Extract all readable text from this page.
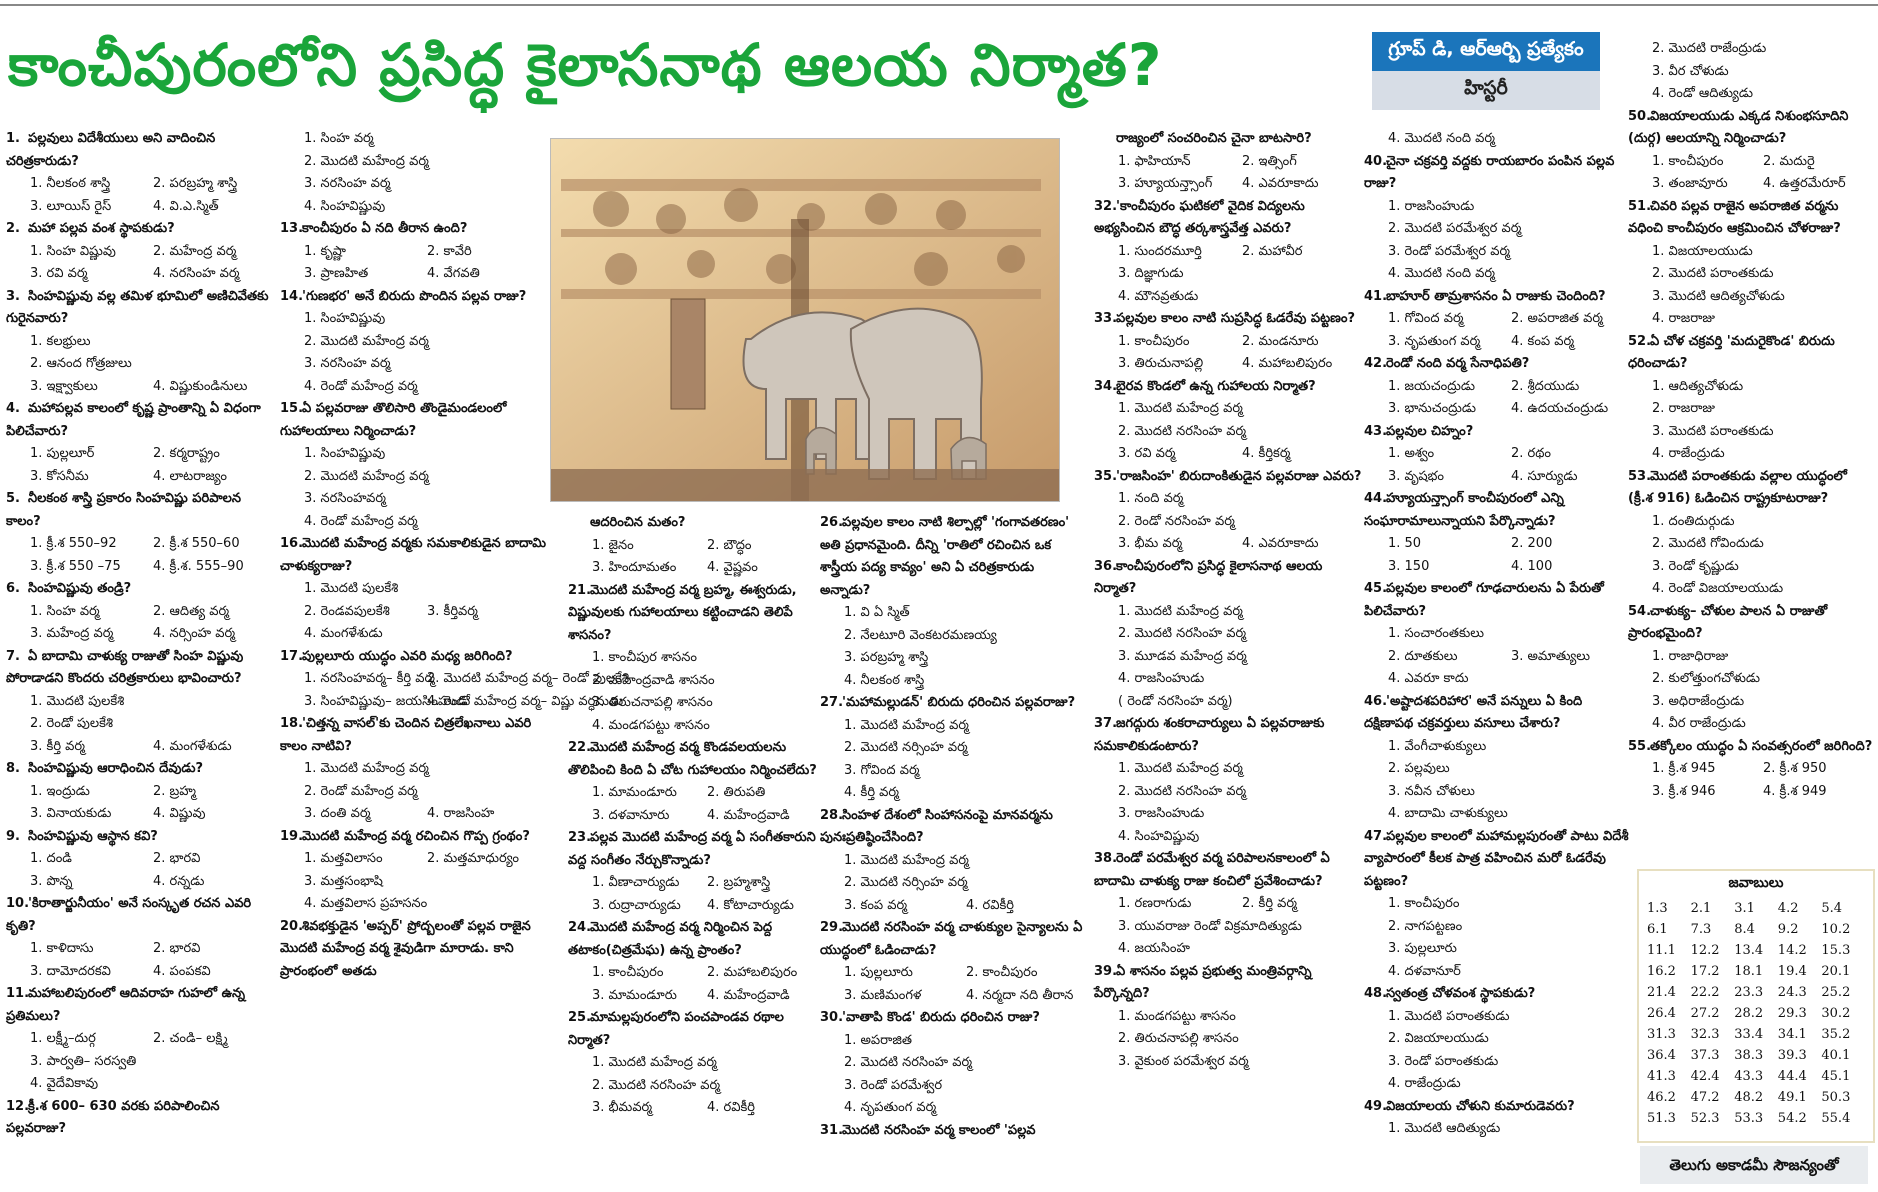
కాంచీపురంలోని ప్రసిద్ధ కైలాసనాథ ఆలయ నిర్మాత?	గ్రూప్ డి, ఆర్ఆర్బి ప్రత్యేకం
హిస్టరీ
1. పల్లవులు విదేశీయులు అని వాదించిన చరిత్రకారుడు?
1. నీలకంఠ శాస్త్రి	2. పరబ్రహ్మ శాస్త్రి
3. లూయిస్ రైస్	4. వి.ఎ.స్మిత్
2. మహా పల్లవ వంశ స్థాపకుడు?
1. సింహ విష్ణువు	2. మహేంద్ర వర్మ
3. రవి వర్మ	4. నరసింహ వర్మ
3. సింహవిష్ణువు వల్ల తమిళ భూమిలో అణిచివేతకు గురైనవారు?
1. కలభ్రులు
2. ఆనంద గోత్రజులు
3. ఇక్ష్వాకులు	4. విష్ణుకుండినులు
4. మహాపల్లవ కాలంలో కృష్ణ ప్రాంతాన్ని ఏ విధంగా పిలిచేవారు?
1. పుల్లలూర్	2. కర్మరాష్ట్రం
3. కోసనీమ	4. లాటరాజ్యం
5. నీలకంఠ శాస్త్రి ప్రకారం సింహవిష్ణు పరిపాలన కాలం?
1. క్రీ.శ 550–92	2. క్రీ.శ 550–60
3. క్రీ.శ 550 –75	4. క్రీ.శ. 555–90
6. సింహవిష్ణువు తండ్రి?
1. సింహ వర్మ	2. ఆదిత్య వర్మ
3. మహేంద్ర వర్మ	4. నర్సింహ వర్మ
7. ఏ బాదామి చాళుక్య రాజుతో సింహ విష్ణువు పోరాడాడని కొందరు చరిత్రకారులు భావించారు?
1. మొదటి పులకేశి
2. రెండో పులకేశి
3. కీర్తి వర్మ	4. మంగళేశుడు
8. సింహవిష్ణువు ఆరాధించిన దేవుడు?
1. ఇంద్రుడు	2. బ్రహ్మ
3. వినాయకుడు	4. విష్ణువు
9. సింహవిష్ణువు ఆస్థాన కవి?
1. దండి	2. భారవి
3. పొన్న	4. రన్నడు
10.'కిరాతార్జునీయం' అనే సంస్కృత రచన ఎవరి కృతి?
1. కాళిదాసు	2. భారవి
3. దామోదరకవి	4. పంపకవి
11.మహాబలిపురంలో ఆదివరాహ గుహలో ఉన్న ప్రతిమలు?
1. లక్ష్మీ–దుర్గ	2. చండి– లక్ష్మి
3. పార్వతి– సరస్వతి
4. వైదేవికావు
12.క్రీ.శ 600– 630 వరకు పరిపాలించిన పల్లవరాజు?
1. సింహ వర్మ
2. మొదటి మహేంద్ర వర్మ
3. నరసింహ వర్మ
4. సింహవిష్ణువు
13.కాంచీపురం ఏ నది తీరాన ఉంది?
1. కృష్ణా	2. కావేరి
3. ప్రాణహిత	4. వేగవతి
14.'గుణభర' అనే బిరుదు పొందిన పల్లవ రాజు?
1. సింహవిష్ణువు
2. మొదటి మహేంద్ర వర్మ
3. నరసింహ వర్మ
4. రెండో మహేంద్ర వర్మ
15.ఏ పల్లవరాజు తొలిసారి తొండైమండలంలో గుహాలయాలు నిర్మించాడు?
1. సింహవిష్ణువు
2. మొదటి మహేంద్ర వర్మ
3. నరసింహవర్మ
4. రెండో మహేంద్ర వర్మ
16.మొదటి మహేంద్ర వర్మకు సమకాలికుడైన బాదామి చాళుక్యరాజు?
1. మొదటి పులకేశి
2. రెండవపులకేశి	3. కీర్తివర్మ
4. మంగళేశుడు
17.పుల్లలూరు యుద్ధం ఎవరి మధ్య జరిగింది?
1. నరసింహవర్మ– కీర్తి వర్మ
2. మొదటి మహేంద్ర వర్మ– రెండో పులకేశి
3. సింహవిష్ణువు– జయసింహుడు
4. రెండో మహేంద్ర వర్మ– విష్ణు వర్ధనుడు
18.'చిత్తన్న వాసల్'కు చెందిన చిత్రలేఖనాలు ఎవరి కాలం నాటివి?
1. మొదటి మహేంద్ర వర్మ
2. రెండో మహేంద్ర వర్మ
3. దంతి వర్మ	4. రాజసింహ
19.మొదటి మహేంద్ర వర్మ రచించిన గొప్ప గ్రంథం?
1. మత్తవిలాసం	2. మత్తమాధుర్యం
3. మత్తసంభాషి
4. మత్తవిలాస ప్రహసనం
20.శివభక్తుడైన 'అప్పర్' ప్రోద్బలంతో పల్లవ రాజైన మొదటి మహేంద్ర వర్మ శైవుడిగా మారాడు. కాని ప్రారంభంలో అతడు
ఆదరించిన మతం?
1. జైనం	2. బౌద్ధం
3. హిందూమతం	4. వైష్ణవం
21.మొదటి మహేంద్ర వర్మ బ్రహ్మ, ఈశ్వరుడు, విష్ణువులకు గుహాలయాలు కట్టించాడని తెలిపే శాసనం?
1. కాంచీపుర శాసనం
2. మహేంద్రవాడి శాసనం
3. తిరుచనాపల్లి శాసనం
4. మండగపట్టు శాసనం
22.మొదటి మహేంద్ర వర్మ కొండవలయలను తొలిపించి కింది ఏ చోట గుహాలయం నిర్మించలేదు?
1. మామండూరు	2. తిరుపతి
3. దళవానూరు	4. మహేంద్రవాడి
23.పల్లవ మొదటి మహేంద్ర వర్మ ఏ సంగీతకారుని వద్ద సంగీతం నేర్చుకొన్నాడు?
1. వీణాచార్యుడు	2. బ్రహ్మశాస్త్రి
3. రుద్రాచార్యుడు	4. కోటాచార్యుడు
24.మొదటి మహేంద్ర వర్మ నిర్మించిన పెద్ద తటాకం(చిత్రమేఘ) ఉన్న ప్రాంతం?
1. కాంచీపురం	2. మహాబలిపురం
3. మామండూరు	4. మహేంద్రవాడి
25.మామల్లపురంలోని పంచపాండవ రథాల నిర్మాత?
1. మొదటి మహేంద్ర వర్మ
2. మొదటి నరసింహ వర్మ
3. భీమవర్మ	4. రవికీర్తి
26.పల్లవుల కాలం నాటి శిల్పాల్లో 'గంగావతరణం' అతి ప్రధానమైంది. దీన్ని 'రాతిలో రచించిన ఒక శాస్త్రీయ పద్య కావ్యం' అని ఏ చరిత్రకారుడు అన్నాడు?
1. వి ఏ స్మిత్
2. నేలటూరి వెంకటరమణయ్య
3. పరబ్రహ్మ శాస్త్రి
4. నీలకంఠ శాస్త్రి
27.'మహామల్లుడన్' బిరుదు ధరించిన పల్లవరాజు?
1. మొదటి మహేంద్ర వర్మ
2. మొదటి నర్సింహ వర్మ
3. గోవింద వర్మ
4. కీర్తి వర్మ
28.సింహళ దేశంలో సింహాసనంపై మానవర్మను పునఃప్రతిష్ఠించేసింది?
1. మొదటి మహేంద్ర వర్మ
2. మొదటి నర్సింహ వర్మ
3. కంప వర్మ	4. రవికీర్తి
29.మొదటి నరసింహ వర్మ చాళుక్యుల సైన్యాలను ఏ యుద్ధంలో ఓడించాడు?
1. పుల్లలూరు	2. కాంచీపురం
3. మణిమంగళ	4. నర్మదా నది తీరాన
30.'వాతాపి కొండ' బిరుదు ధరించిన రాజు?
1. అపరాజిత
2. మొదటి నరసింహ వర్మ
3. రెండో పరమేశ్వర
4. నృపతుంగ వర్మ
31.మొదటి నరసింహ వర్మ కాలంలో 'పల్లవ
రాజ్యంలో సంచరించిన చైనా బాటసారి?
1. ఫాహియాన్	2. ఇత్సింగ్
3. హ్యూయన్త్సాంగ్	4. ఎవరూకాదు
32.'కాంచీపురం ఘటికలో వైదిక విద్యలను అభ్యసించిన బౌద్ధ తర్కశాస్త్రవేత్త ఎవరు?
1. సుందరమూర్తి	2. మహావీర
3. దిజ్ఞాగుడు
4. మౌనవ్రతుడు
33.పల్లవుల కాలం నాటి సుప్రసిద్ధ ఓడరేవు పట్టణం?
1. కాంచీపురం	2. మండనూరు
3. తిరుచునాపల్లి	4. మహాబలిపురం
34.బైరవ కొండలో ఉన్న గుహాలయ నిర్మాత?
1. మొదటి మహేంద్ర వర్మ
2. మొదటి నరసింహ వర్మ
3. రవి వర్మ	4. కీర్తికర్మ
35.'రాజసింహ' బిరుదాంకితుడైన పల్లవరాజు ఎవరు?
1. నంది వర్మ
2. రెండో నరసింహ వర్మ
3. భీమ వర్మ	4. ఎవరూకాదు
36.కాంచీపురంలోని ప్రసిద్ధ కైలాసనాథ ఆలయ నిర్మాత?
1. మొదటి మహేంద్ర వర్మ
2. మొదటి నరసింహ వర్మ
3. మూడవ మహేంద్ర వర్మ
4. రాజసింహుడు
( రెండో నరసింహ వర్మ)
37.జగద్గురు శంకరాచార్యులు ఏ పల్లవరాజుకు సమకాలికుడంటారు?
1. మొదటి మహేంద్ర వర్మ
2. మొదటి నరసింహ వర్మ
3. రాజసింహుడు
4. సింహవిష్ణువు
38.రెండో పరమేశ్వర వర్మ పరిపాలనకాలంలో ఏ బాదామి చాళుక్య రాజు కంచిలో ప్రవేశించాడు?
1. రణరాగుడు	2. కీర్తి వర్మ
3. యువరాజు రెండో విక్రమాదిత్యుడు
4. జయసింహ
39.ఏ శాసనం పల్లవ ప్రభుత్వ మంత్రివర్గాన్ని పేర్కొన్నది?
1. మండగపట్టు శాసనం
2. తిరుచనాపల్లి శాసనం
3. వైకుంఠ పరమేశ్వర వర్మ
4. మొదటి నంది వర్మ
40.చైనా చక్రవర్తి వద్దకు రాయబారం పంపిన పల్లవ రాజు?
1. రాజసింహుడు
2. మొదటి పరమేశ్వర వర్మ
3. రెండో పరమేశ్వర వర్మ
4. మొదటి నంది వర్మ
41.బాహూర్ తామ్రశాసనం ఏ రాజుకు చెందింది?
1. గోవింద వర్మ	2. అపరాజిత వర్మ
3. నృపతుంగ వర్మ	4. కంప వర్మ
42.రెండో నంది వర్మ సేనాధిపతి?
1. జయచంద్రుడు	2. శ్రీదయుడు
3. భానుచంద్రుడు	4. ఉదయచంద్రుడు
43.పల్లవుల చిహ్నం?
1. అశ్వం	2. రథం
3. వృషభం	4. సూర్యుడు
44.హ్యూయన్త్సాంగ్ కాంచీపురంలో ఎన్ని సంఘారామాలున్నాయని పేర్కొన్నాడు?
1. 50	2. 200
3. 150	4. 100
45.పల్లవుల కాలంలో గూఢచారులను ఏ పేరుతో పిలిచేవారు?
1. సంచారంతకులు
2. దూతకులు	3. అమాత్యులు
4. ఎవరూ కాదు
46.'అష్టాదశపరిహార' అనే పన్నులు ఏ కింది దక్షిణాపథ చక్రవర్తులు వసూలు చేశారు?
1. వేంగీచాళుక్యులు
2. పల్లవులు
3. నవీన చోళులు
4. బాదామి చాళుక్యులు
47.పల్లవుల కాలంలో మహామల్లపురంతో పాటు విదేశీ వ్యాపారంలో కీలక పాత్ర వహించిన మరో ఓడరేవు పట్టణం?
1. కాంచీపురం
2. నాగపట్టణం
3. పుల్లలూరు
4. దళవానూర్
48.స్వతంత్ర చోళవంశ స్థాపకుడు?
1. మొదటి పరాంతకుడు
2. విజయాలయుడు
3. రెండో పరాంతకుడు
4. రాజేంద్రుడు
49.విజయాలయ చోళుని కుమారుడెవరు?
1. మొదటి ఆదిత్యుడు
2. మొదటి రాజేంద్రుడు
3. వీర చోళుడు
4. రెండో ఆదిత్యుడు
50.విజయాలయుడు ఎక్కడ నిశుంభసూదిని (దుర్గ) ఆలయాన్ని నిర్మించాడు?
1. కాంచీపురం	2. మదురై
3. తంజావూరు	4. ఉత్తరమేరూర్
51.చివరి పల్లవ రాజైన అపరాజిత వర్మను వధించి కాంచీపురం ఆక్రమించిన చోళరాజు?
1. విజయాలయుడు
2. మొదటి పరాంతకుడు
3. మొదటి ఆదిత్యచోళుడు
4. రాజరాజు
52.ఏ చోళ చక్రవర్తి 'మదురైకొండ' బిరుదు ధరించాడు?
1. ఆదిత్యచోళుడు
2. రాజరాజు
3. మొదటి పరాంతకుడు
4. రాజేంద్రుడు
53.మొదటి పరాంతకుడు వల్లాల యుద్ధంలో (క్రీ.శ 916) ఓడించిన రాష్ట్రకూటరాజు?
1. దంతిదుర్గుడు
2. మొదటి గోవిందుడు
3. రెండో కృష్ణుడు
4. రెండో విజయాలయుడు
54.చాళుక్య– చోళుల పాలన ఏ రాజుతో ప్రారంభమైంది?
1. రాజాధిరాజు
2. కులోత్తుంగచోళుడు
3. అధిరాజేంద్రుడు
4. వీర రాజేంద్రుడు
55.తక్కోలం యుద్ధం ఏ సంవత్సరంలో జరిగింది?
1. క్రీ.శ 945	2. క్రీ.శ 950
3. క్రీ.శ 946	4. క్రీ.శ 949
జవాబులు
1.3	2.1	3.1	4.2	5.4
6.1	7.3	8.4	9.2	10.2
11.1	12.2	13.4	14.2	15.3
16.2	17.2	18.1	19.4	20.1
21.4	22.2	23.3	24.3	25.2
26.4	27.2	28.2	29.3	30.2
31.3	32.3	33.4	34.1	35.2
36.4	37.3	38.3	39.3	40.1
41.3	42.4	43.3	44.4	45.1
46.2	47.2	48.2	49.1	50.3
51.3	52.3	53.3	54.2	55.4
తెలుగు అకాడమీ సౌజన్యంతో
